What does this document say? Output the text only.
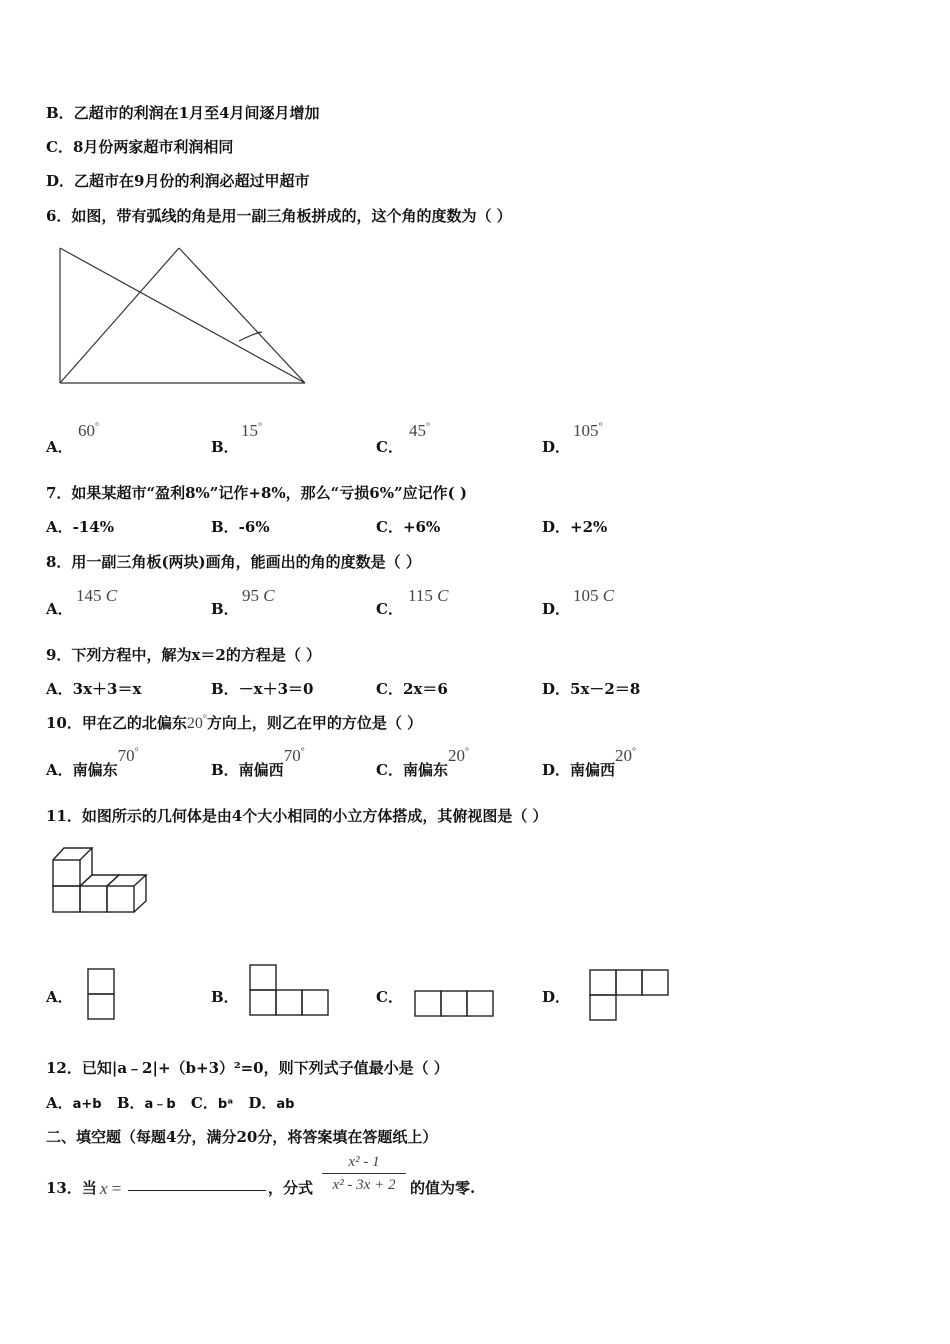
B．乙超市的利润在1月至4月间逐月增加
C．8月份两家超市利润相同
D．乙超市在9月份的利润必超过甲超市
6．如图，带有弧线的角是用一副三角板拼成的，这个角的度数为（ ）
A．
60°
B．
15°
C．
45°
D．
105°
7．如果某超市“盈利8%”记作+8%，那么“亏损6%”应记作( )
A．-14%	B．-6%	C．+6%	D．+2%
8．用一副三角板(两块)画角，能画出的角的度数是（ ）
A．
145 C
B．
95 C
C．
115 C
D．
105 C
9．下列方程中，解为x＝2的方程是（ ）
A．3x＋3＝x	B．－x＋3＝0	C．2x＝6	D．5x－2＝8
10．甲在乙的北偏东20°方向上，则乙在甲的方位是（ ）
A．南偏东70°
B．南偏西70°
C．南偏东20°
D．南偏西20°
11．如图所示的几何体是由4个大小相同的小立方体搭成，其俯视图是（ ）
A．	B．	C．	D．
12．已知|a﹣2|+（b+3）²=0，则下列式子值最小是（ ）
A．a+b B．a﹣b C．bᵃ D．ab
二、填空题（每题4分，满分20分，将答案填在答题纸上）
13．当 x =	，分式
x² - 1
x² - 3x + 2 的值为零.
